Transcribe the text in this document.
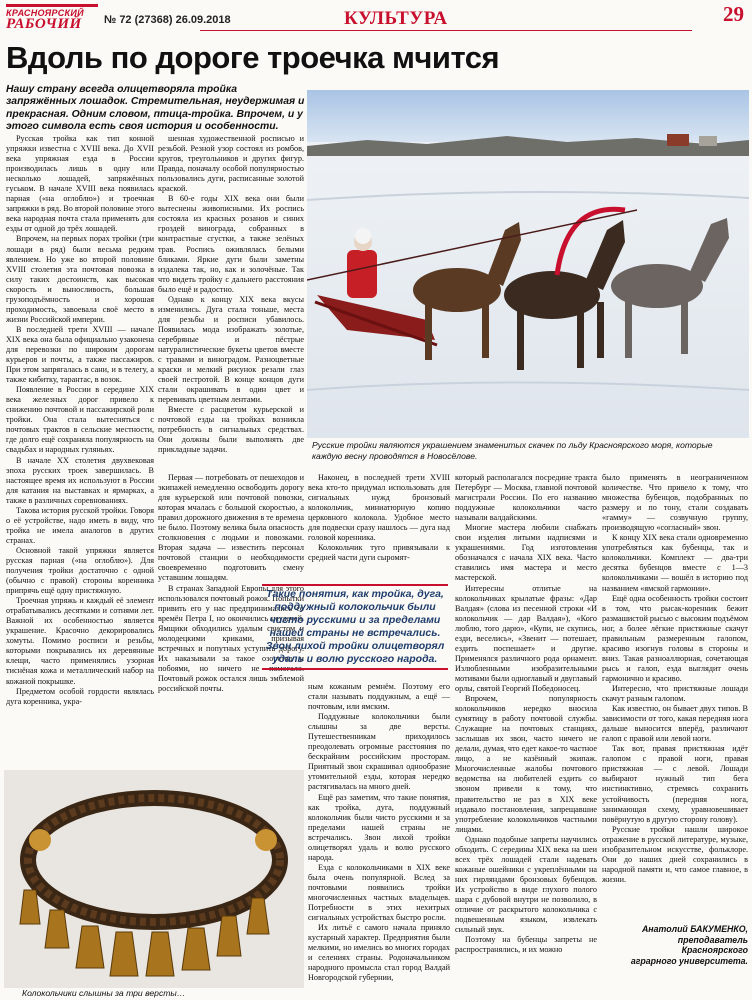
КРАСНОЯРСКИЙ
РАБОЧИЙ № 72 (27368) 26.09.2018	КУЛЬТУРА	29
Вдоль по дороге троечка мчится
Нашу страну всегда олицетворяла тройка запряжённых лошадок. Стремительная, неудержимая и прекрасная. Одним словом, птица-тройка. Впрочем, и у этого символа есть своя история и особенности.

Русская тройка как тип конной упряжки известна с XVIII века. До XVII века упряжная езда в России производилась лишь в одну или несколько лошадей, запряжённых гуськом. В начале XVIII века появилась парная («на оглоблю») и троечная запряжки в ряд. Во второй половине этого века народная почта стала применять для езды от одной до трёх лошадей.

Впрочем, на первых порах тройки (три лошади в ряд) были весьма редким явлением. Но уже во второй половине XVIII столетия эта почтовая повозка в силу таких достоинств, как высокая скорость и выносливость, большая грузоподъёмность и хорошая проходимость, завоевала своё место в жизни Российской империи.

В последней трети XVIII — начале XIX века она была официально узаконена для перевозки по широким дорогам курьеров и почты, а также пассажиров. При этом запрягалась в сани, и в телегу, а также кибитку, тарантас, в возок.

Появление в России в середине XIX века железных дорог привело к снижению почтовой и пассажирской роли тройки. Она стала вытесняться с почтовых трактов в сельские местности, где долго ещё сохраняла популярность на свадьбах и народных гуляньях.

В начале XX столетия двухвековая эпоха русских троек завершилась. В настоящее время их используют в России для катания на выставках и ярмарках, а также в различных соревнованиях.

Такова история русской тройки. Говоря о её устройстве, надо иметь в виду, что тройка не имела аналогов в других странах.

Основной такой упряжки является русская парная («на оглоблю»). Для получения тройки достаточно с одной (обычно с правой) стороны коренника припрячь ещё одну пристяжную.

Троечная упряжь и каждый её элемент отрабатывались десятками и сотнями лет. Важной их особенностью является украшение. Красочно декорировались хомуты. Помимо росписи и резьбы, которыми покрывались их деревянные клещи, часто применялись узорная тиснёная кожа и металлический набор на кожаной покрышке.

Предметом особой гордости являлась дуга коренника, укра-

шенная художественной росписью и резьбой. Резной узор состоял из ромбов, кругов, треугольников и других фигур. Правда, поначалу особой популярностью пользовались дуги, расписанные золотой краской.

В 60-е годы XIX века они были вытеснены живописными. Их роспись состояла из красных розанов и синих гроздей винограда, собранных в контрастные сгустки, а также зелёных трав. Роспись оживлялась белыми бликами. Яркие дуги были заметны издалека так, но, как и золочёные. Так что видеть тройку с дальнего расстояния было ещё и радостно.

Однако к концу XIX века вкусы изменились. Дуга стала тоньше, места для резьбы и росписи убавилось. Появилась мода изображать золотые, серебряные и пёстрые натуралистические букеты цветов вместе с травами и виноградом. Разноцветные краски и мелкий рисунок резали глаз своей пестротой. В конце концов дуги стали окрашивать в один цвет и перевивать цветным лентами.

Вместе с расцветом курьерской и почтовой езды на тройках возникла потребность в сигнальных средствах. Они должны были выполнять две прикладные задачи.

Первая — потребовать от пешеходов и экипажей немедленно освободить дорогу для курьерской или почтовой повозки, которая мчалась с большой скоростью, а правил дорожного движения в те времена не было. Поэтому велика была опасность столкновения с людьми и повозками. Вторая задача — известить персонал почтовой станции о необходимости своевременно подготовить смену уставшим лошадям.

В странах Западной Европы для этого использовался почтовый рожок. Попытки привить его у нас предпринимались со времён Петра I, но окончились неудачей. Ямщики обходились удалым свистом и молодецкими криками, призывая встречных и попутных уступить дорогу. Их наказывали за такое озорство и побоями, но ничего не помогало. Почтовый рожок остался лишь эмблемой российской почты.

Русские тройки являются украшением знаменитых скачек по льду Красноярского моря, которые каждую весну проводятся в Новосёлове.
Такие понятия, как тройка, дуга, поддужный колокольчик были чисто русскими и за пределами нашей страны не встречались. Звон лихой тройки олицетворял удаль и волю русского народа.

Наконец, в последней трети XVIII века кто-то придумал использовать для сигнальных нужд бронзовый колокольчик, миниатюрную копию церковного колокола. Удобное место для подвески сразу нашлось — дуга над головой коренника.

Колокольчик туго привязывали к средней части дуги сыромят-

ным кожаным ремнём. Поэтому его стали называть поддужным, а ещё — почтовым, или ямским.

Поддужные колокольчики были слышны за две версты. Путешественникам приходилось преодолевать огромные расстояния по бескрайним российским просторам. Приятный звон скрашивал однообразие утомительной езды, которая нередко растягивалась на много дней.

Ещё раз заметим, что такие понятия, как тройка, дуга, поддужный колокольчик были чисто русскими и за пределами нашей страны не встречались. Звон лихой тройки олицетворял удаль и волю русского народа.

Езда с колокольчиками в XIX веке была очень популярной. Вслед за почтовыми появились тройки многочисленных частных владельцев. Потребности в этих нехитрых сигнальных устройствах быстро росли.

Их литьё с самого начала приняло кустарный характер. Предприятия были мелкими, но имелись во многих городах и селениях страны. Родоначальником народного промысла стал город Валдай Новгородской губернии,

который располагался посредине тракта Петербург — Москва, главной почтовой магистрали России. По его названию поддужные колокольчики часто называли валдайскими.

Многие мастера любили снабжать свои изделия литыми надписями и украшениями. Год изготовления обозначался с начала XIX века. Часто ставились имя мастера и место мастерской.

Интересны отлитые на колокольчиках крылатые фразы: «Дар Валдая» (слова из песенной строки «И колокольчик — дар Валдая»), «Кого люблю, того дарю», «Купи, не скупись, езди, веселись», «Звенит — потешает, ездить поспешает» и другие. Применялся различного рода орнамент. Излюбленными изобразительными мотивами были одноглавый и двуглавый орлы, святой Георгий Победоносец.

Впрочем, популярность колокольчиков нередко вносила сумятицу в работу почтовой службы. Служащие на почтовых станциях, заслышав их звон, часто ничего не делали, думая, что едет какое-то частное лицо, а не казённый экипаж. Многочисленные жалобы почтового ведомства на любителей ездить со звоном привели к тому, что правительство не раз в XIX веке издавало постановления, запрещавшие употребление колокольчиков частными лицами.

Однако подобные запреты научились обходить. С середины XIX века на шеи всех трёх лошадей стали надевать кожаные ошейники с укреплёнными на них гирляндами бронзовых бубенцов. Их устройство в виде глухого полого шара с дубовой внутри не позволило, в отличие от раскрытого колокольчика с подвешенным языком, извлекать сильный звук.

Поэтому на бубенцы запреты не распространялись, и их можно

было применять в неограниченном количестве. Что привело к тому, что множества бубенцов, подобранных по размеру и по тону, стали создавать «гамму» — созвучную группу, производящую «согласный» звон.

К концу XIX века стали одновременно употребляться как бубенцы, так и колокольчики. Комплект — два-три десятка бубенцов вместе с 1—3 колокольчиками — вошёл в историю под названием «ямской гармонии».

Ещё одна особенность тройки состоит в том, что рысак-коренник бежит размашистой рысью с высоким подъёмом ног, а более лёгкие пристяжные скачут правильным размеренным галопом, красиво изогнув головы в стороны и вниз. Такая разноаллюрная, сочетающая рысь и галоп, езда выглядит очень гармонично и красиво.

Интересно, что пристяжные лошади скачут разным галопом.

Как известно, он бывает двух типов. В зависимости от того, какая передняя нога дальше выносится вперёд, различают галоп с правой или левой ноги.

Так вот, правая пристяжная идёт галопом с правой ноги, правая пристяжная — с левой. Лошади выбирают нужный тип бега инстинктивно, стремясь сохранить устойчивость (передняя нога, занимающая схему, уравновешивает повёрнутую в другую сторону голову).

Русские тройки нашли широкое отражение в русской литературе, музыке, изобразительном искусстве, фольклоре. Они до наших дней сохранились в народной памяти и, что самое главное, в жизни.

Анатолий БАКУМЕНКО,
преподаватель
Красноярского
аграрного университета.
Колокольчики слышны за три версты…
